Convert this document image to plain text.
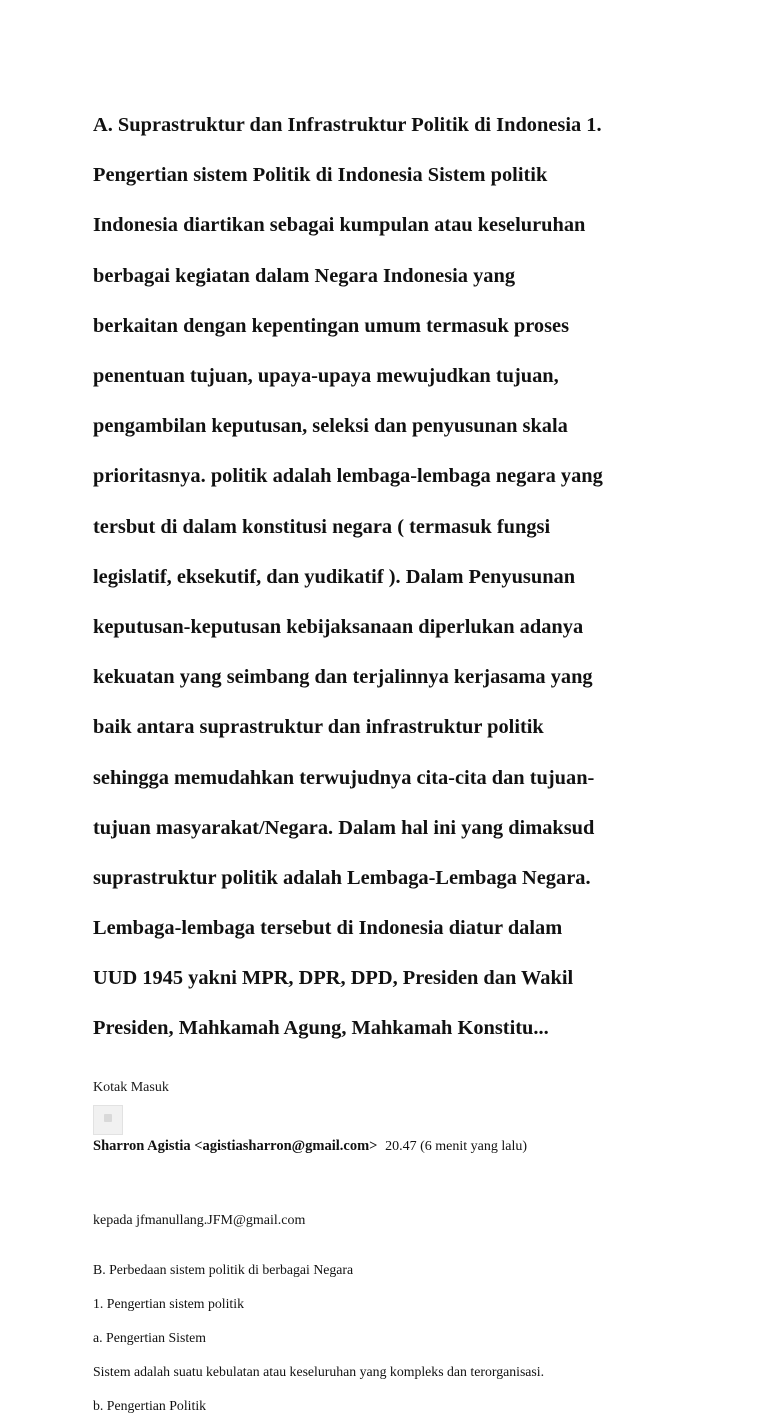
A. Suprastruktur dan Infrastruktur Politik di Indonesia 1.

Pengertian sistem Politik di Indonesia Sistem politik

Indonesia diartikan sebagai kumpulan atau keseluruhan

berbagai kegiatan dalam Negara Indonesia yang

berkaitan dengan kepentingan umum termasuk proses

penentuan tujuan, upaya-upaya mewujudkan tujuan,

pengambilan keputusan, seleksi dan penyusunan skala

prioritasnya. politik adalah lembaga-lembaga negara yang

tersbut di dalam konstitusi negara ( termasuk fungsi

legislatif, eksekutif, dan yudikatif ). Dalam Penyusunan

keputusan-keputusan kebijaksanaan diperlukan adanya

kekuatan yang seimbang dan terjalinnya kerjasama yang

baik antara suprastruktur dan infrastruktur politik

sehingga memudahkan terwujudnya cita-cita dan tujuan-

tujuan masyarakat/Negara. Dalam hal ini yang dimaksud

suprastruktur politik adalah Lembaga-Lembaga Negara.

Lembaga-lembaga tersebut di Indonesia diatur dalam

UUD 1945 yakni MPR, DPR, DPD, Presiden dan Wakil

Presiden, Mahkamah Agung, Mahkamah Konstitu...

Kotak Masuk
Sharron Agistia <agistiasharron@gmail.com> 20.47 (6 menit yang lalu)
kepada jfmanullang.JFM@gmail.com

B. Perbedaan sistem politik di berbagai Negara

1. Pengertian sistem politik

a. Pengertian Sistem

Sistem adalah suatu kebulatan atau keseluruhan yang kompleks dan terorganisasi.

b. Pengertian Politik
